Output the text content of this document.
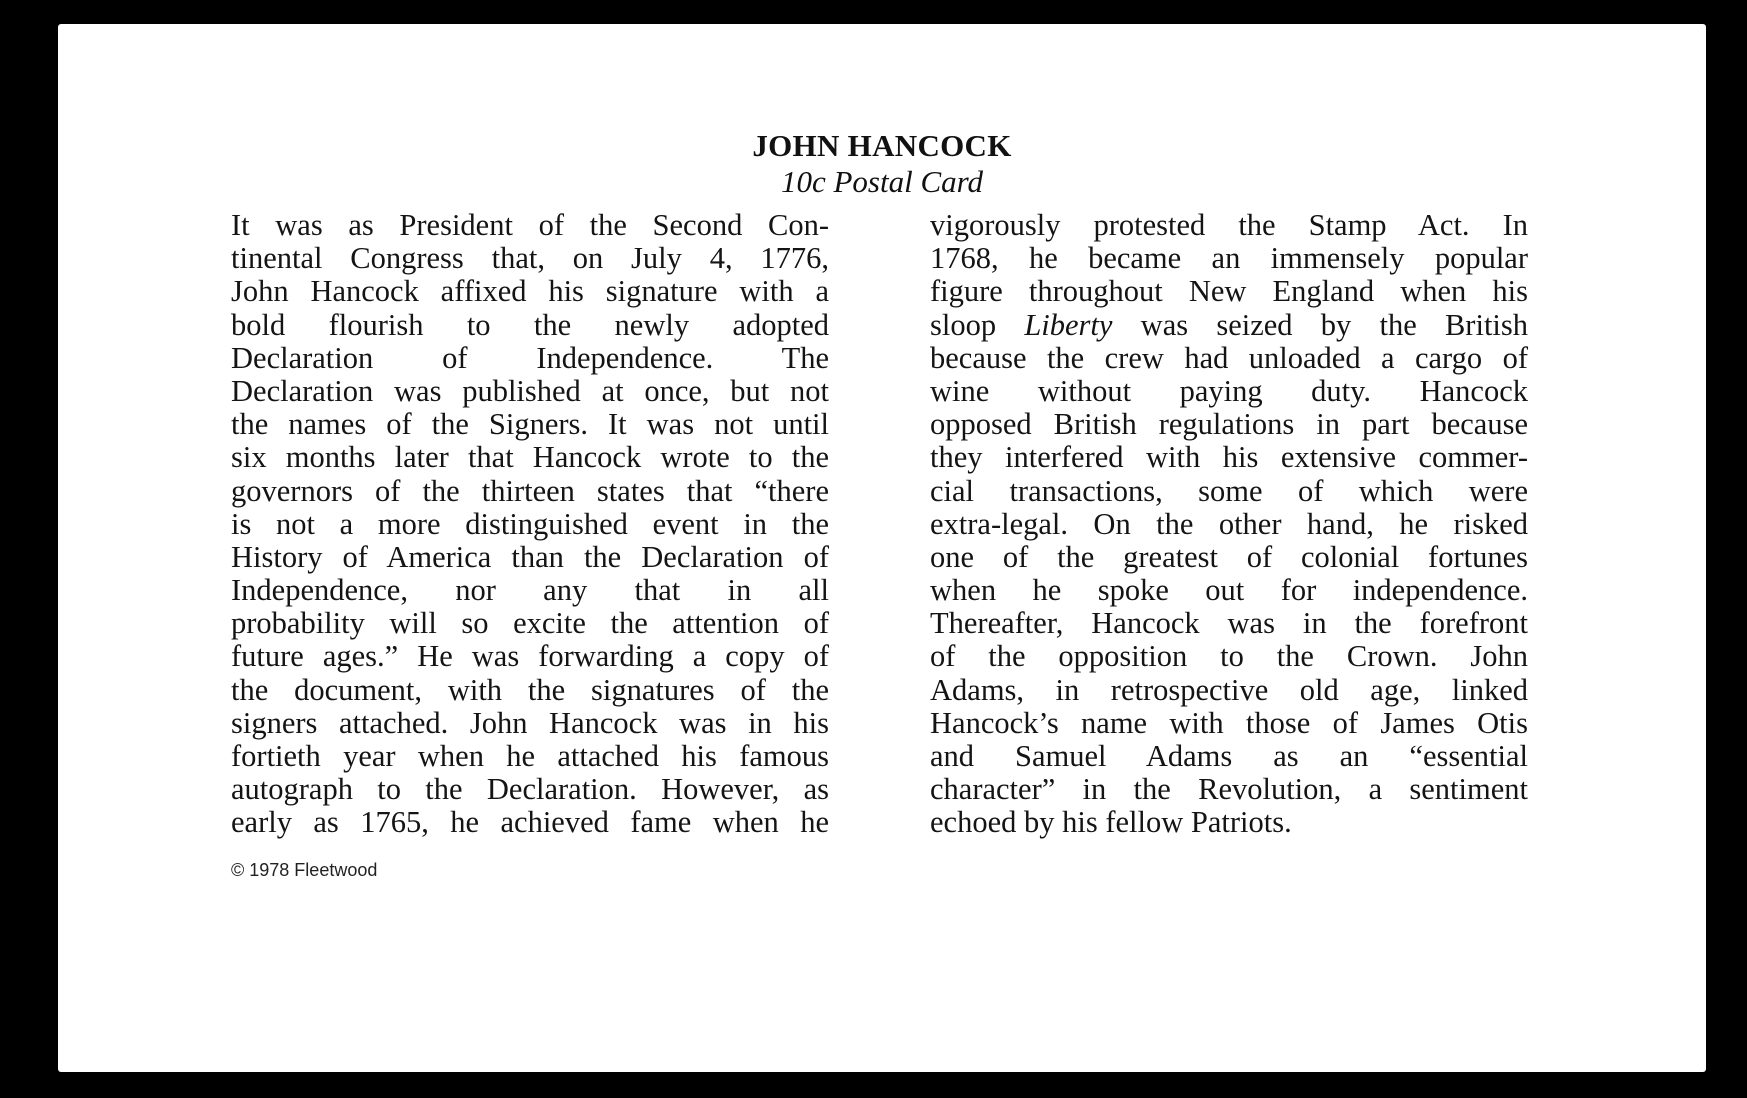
JOHN HANCOCK
10c Postal Card
It was as President of the Second Con-
tinental Congress that, on July 4, 1776,
John Hancock affixed his signature with a
bold flourish to the newly adopted
Declaration of Independence. The
Declaration was published at once, but not
the names of the Signers. It was not until
six months later that Hancock wrote to the
governors of the thirteen states that “there
is not a more distinguished event in the
History of America than the Declaration of
Independence, nor any that in all
probability will so excite the attention of
future ages.” He was forwarding a copy of
the document, with the signatures of the
signers attached. John Hancock was in his
fortieth year when he attached his famous
autograph to the Declaration. However, as
early as 1765, he achieved fame when he
vigorously protested the Stamp Act. In
1768, he became an immensely popular
figure throughout New England when his
sloop Liberty was seized by the British
because the crew had unloaded a cargo of
wine without paying duty. Hancock
opposed British regulations in part because
they interfered with his extensive commer-
cial transactions, some of which were
extra-legal. On the other hand, he risked
one of the greatest of colonial fortunes
when he spoke out for independence.
Thereafter, Hancock was in the forefront
of the opposition to the Crown. John
Adams, in retrospective old age, linked
Hancock’s name with those of James Otis
and Samuel Adams as an “essential
character” in the Revolution, a sentiment
echoed by his fellow Patriots.
© 1978 Fleetwood
